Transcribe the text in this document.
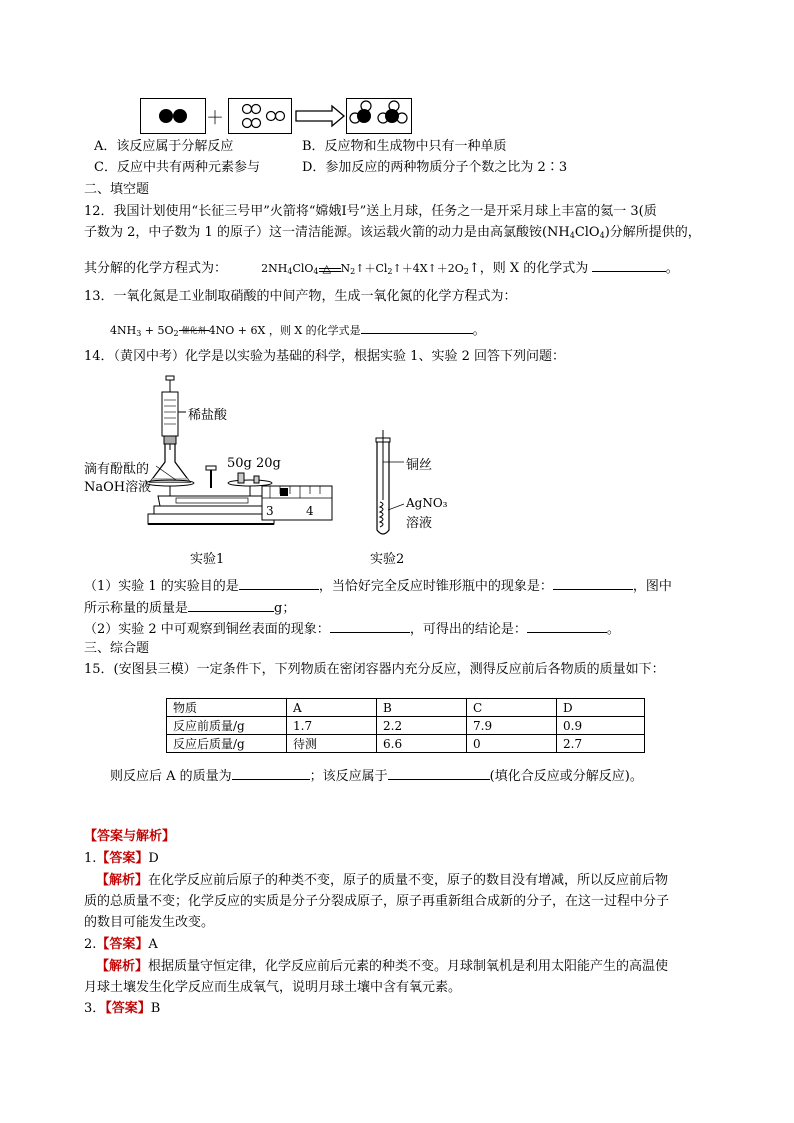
＋
A．该反应属于分解反应	B．反应物和生成物中只有一种单质
C．反应中共有两种元素参与	D．参加反应的两种物质分子个数之比为 2∶3
二、填空题
12．我国计划使用“长征三号甲”火箭将“嫦娥Ⅰ号”送上月球，任务之一是开采月球上丰富的氦一 3(质
子数为 2，中子数为 1 的原子）这一清洁能源。该运载火箭的动力是由高氯酸铵$(NH_4ClO_4)$分解所提供的，
其分解的化学方程式为：	$2NH_4ClO_4$ △ $N_2↑+Cl_2↑+4X↑+2O_2↑$，则 X 的化学式为	。
13．一氧化氮是工业制取硝酸的中间产物，生成一氧化氮的化学方程式为：
$4NH_3 + 5O_2$ 催化剂 4NO + 6X ，则 X 的化学式是	。
14．（黄冈中考）化学是以实验为基础的科学，根据实验 1、实验 2 回答下列问题：
稀盐酸
滴有酚酞的
NaOH溶液
50g 20g
3	4
铜丝
AgNO₃
溶液
实验1	实验2
（1）实验 1 的实验目的是	，当恰好完全反应时锥形瓶中的现象是：	，图中
所示称量的质量是	g；
（2）实验 2 中可观察到铜丝表面的现象：	，可得出的结论是：	。
三、综合题
15．(安图县三模）一定条件下，下列物质在密闭容器内充分反应，测得反应前后各物质的质量如下：
物质	A	B	C	D
反应前质量/g	1.7	2.2	7.9	0.9
反应后质量/g	待测	6.6	0	2.7
则反应后 A 的质量为	；该反应属于	(填化合反应或分解反应)。
【答案与解析】
1.【答案】D
【解析】在化学反应前后原子的种类不变，原子的质量不变，原子的数目没有增减，所以反应前后物
质的总质量不变；化学反应的实质是分子分裂成原子，原子再重新组合成新的分子，在这一过程中分子
的数目可能发生改变。
2.【答案】A
【解析】根据质量守恒定律，化学反应前后元素的种类不变。月球制氧机是利用太阳能产生的高温使
月球土壤发生化学反应而生成氧气，说明月球土壤中含有氧元素。
3．【答案】B
